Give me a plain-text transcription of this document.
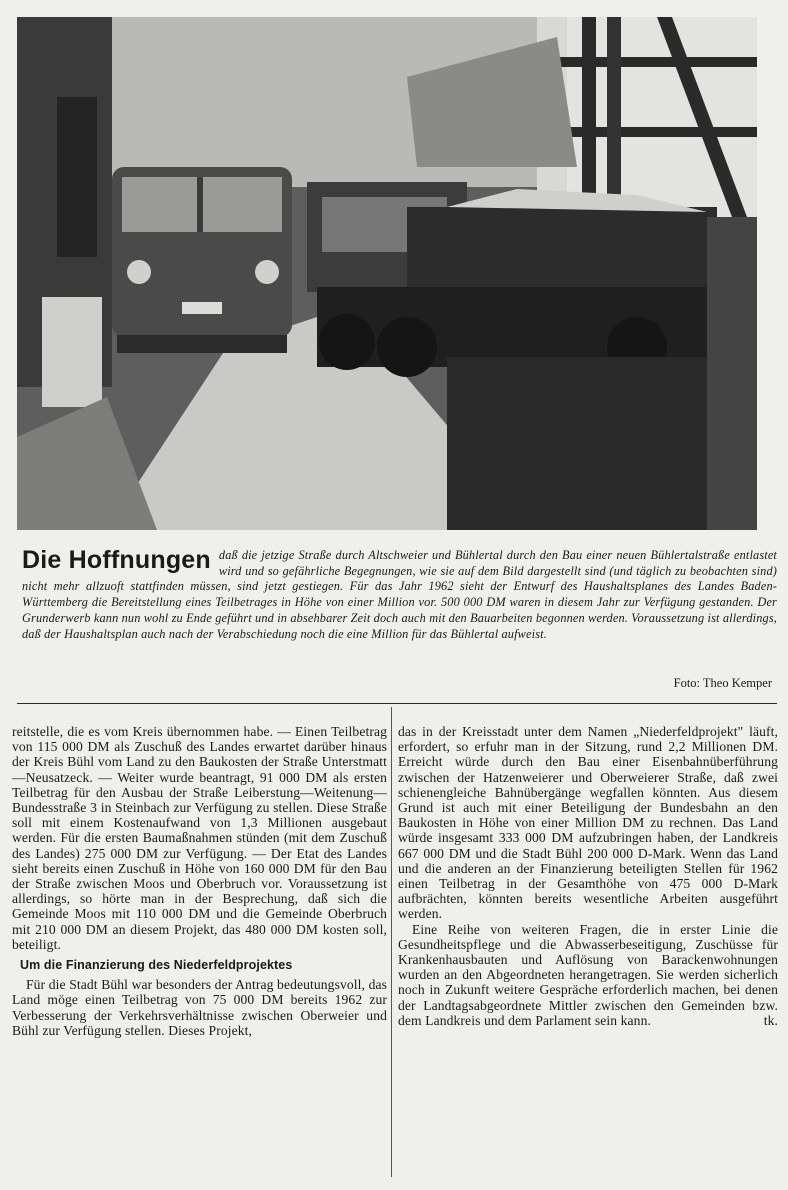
Die Hoffnungen daß die jetzige Straße durch Altschweier und Bühlertal durch den Bau einer neuen Bühlertalstraße entlastet wird und so gefährliche Begegnungen, wie sie auf dem Bild dargestellt sind (und täglich zu beobachten sind) nicht mehr allzuoft stattfinden müssen, sind jetzt gestiegen. Für das Jahr 1962 sieht der Entwurf des Haushaltsplanes des Landes Baden-Württemberg die Bereitstellung eines Teilbetrages in Höhe von einer Million vor. 500 000 DM waren in diesem Jahr zur Verfügung gestanden. Der Grunderwerb kann nun wohl zu Ende geführt und in absehbarer Zeit doch auch mit den Bauarbeiten begonnen werden. Voraussetzung ist allerdings, daß der Haushaltsplan auch nach der Verabschiedung noch die eine Million für das Bühlertal aufweist.
Foto: Theo Kemper

reitstelle, die es vom Kreis übernommen habe. — Einen Teilbetrag von 115 000 DM als Zuschuß des Landes erwartet darüber hinaus der Kreis Bühl vom Land zu den Baukosten der Straße Unterstmatt—Neusatzeck. — Weiter wurde beantragt, 91 000 DM als ersten Teilbetrag für den Ausbau der Straße Leiberstung—Weitenung—Bundesstraße 3 in Steinbach zur Verfügung zu stellen. Diese Straße soll mit einem Kostenaufwand von 1,3 Millionen ausgebaut werden. Für die ersten Baumaßnahmen stünden (mit dem Zuschuß des Landes) 275 000 DM zur Verfügung. — Der Etat des Landes sieht bereits einen Zuschuß in Höhe von 160 000 DM für den Bau der Straße zwischen Moos und Oberbruch vor. Voraussetzung ist allerdings, so hörte man in der Besprechung, daß sich die Gemeinde Moos mit 110 000 DM und die Gemeinde Oberbruch mit 210 000 DM an diesem Projekt, das 480 000 DM kosten soll, beteiligt.

Um die Finanzierung des Niederfeldprojektes

Für die Stadt Bühl war besonders der Antrag bedeutungsvoll, das Land möge einen Teilbetrag von 75 000 DM bereits 1962 zur Verbesserung der Verkehrsverhältnisse zwischen Oberweier und Bühl zur Verfügung stellen. Dieses Projekt,

das in der Kreisstadt unter dem Namen „Niederfeldprojekt" läuft, erfordert, so erfuhr man in der Sitzung, rund 2,2 Millionen DM. Erreicht würde durch den Bau einer Eisenbahnüberführung zwischen der Hatzenweierer und Oberweierer Straße, daß zwei schienengleiche Bahnübergänge wegfallen könnten. Aus diesem Grund ist auch mit einer Beteiligung der Bundesbahn an den Baukosten in Höhe von einer Million DM zu rechnen. Das Land würde insgesamt 333 000 DM aufzubringen haben, der Landkreis 667 000 DM und die Stadt Bühl 200 000 D-Mark. Wenn das Land und die anderen an der Finanzierung beteiligten Stellen für 1962 einen Teilbetrag in der Gesamthöhe von 475 000 D-Mark aufbrächten, könnten bereits wesentliche Arbeiten ausgeführt werden.

Eine Reihe von weiteren Fragen, die in erster Linie die Gesundheitspflege und die Abwasserbeseitigung, Zuschüsse für Krankenhausbauten und Auflösung von Barackenwohnungen wurden an den Abgeordneten herangetragen. Sie werden sicherlich noch in Zukunft weitere Gespräche erforderlich machen, bei denen der Landtagsabgeordnete Mittler zwischen den Gemeinden bzw. dem Landkreis und dem Parlament sein kann.	tk.
